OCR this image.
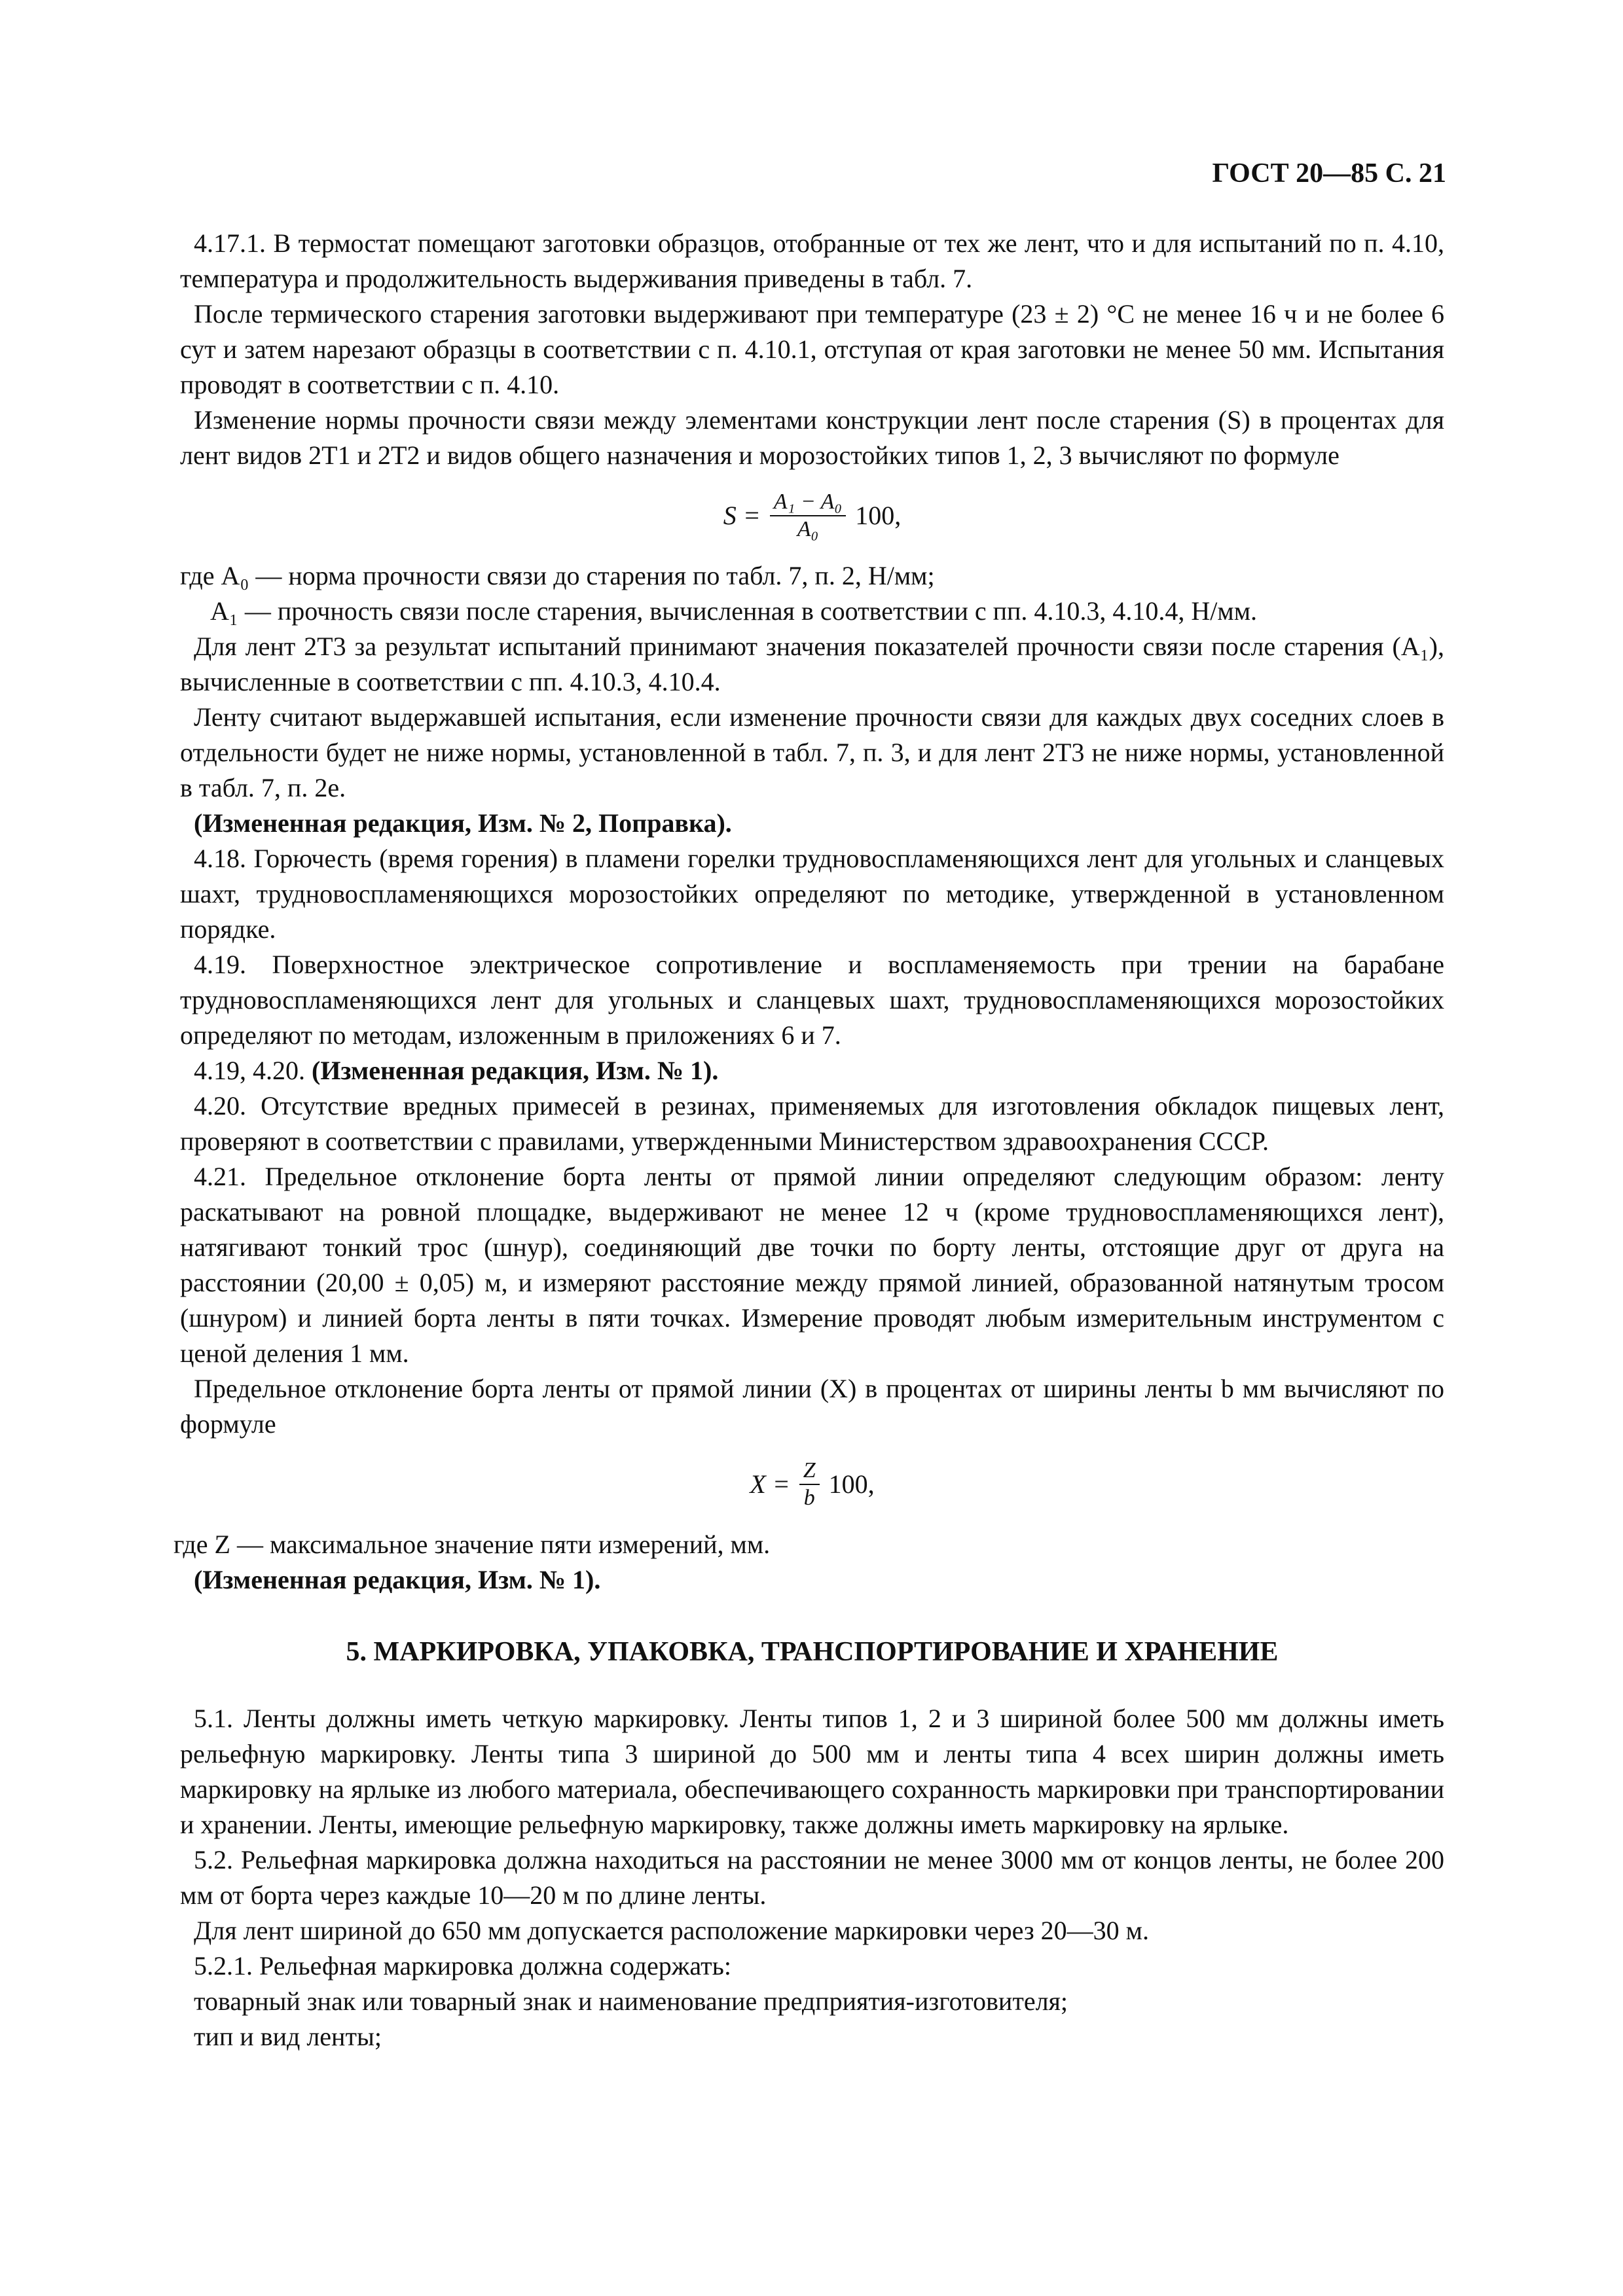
ГОСТ 20—85 С. 21

4.17.1. В термостат помещают заготовки образцов, отобранные от тех же лент, что и для испытаний по п. 4.10, температура и продолжительность выдерживания приведены в табл. 7.

После термического старения заготовки выдерживают при температуре (23 ± 2) °С не менее 16 ч и не более 6 сут и затем нарезают образцы в соответствии с п. 4.10.1, отступая от края заготовки не менее 50 мм. Испытания проводят в соответствии с п. 4.10.

Изменение нормы прочности связи между элементами конструкции лент после старения (S) в процентах для лент видов 2Т1 и 2Т2 и видов общего назначения и морозостойких типов 1, 2, 3 вычисляют по формуле

$S = \frac{\text{A₁ − A₀}}{\text{A₀}} 100$,

где A₀ — норма прочности связи до старения по табл. 7, п. 2, Н/мм;

A₁ — прочность связи после старения, вычисленная в соответствии с пп. 4.10.3, 4.10.4, Н/мм.

Для лент 2Т3 за результат испытаний принимают значения показателей прочности связи после старения (A₁), вычисленные в соответствии с пп. 4.10.3, 4.10.4.

Ленту считают выдержавшей испытания, если изменение прочности связи для каждых двух соседних слоев в отдельности будет не ниже нормы, установленной в табл. 7, п. 3, и для лент 2Т3 не ниже нормы, установленной в табл. 7, п. 2е.

(Измененная редакция, Изм. № 2, Поправка).

4.18. Горючесть (время горения) в пламени горелки трудновоспламеняющихся лент для угольных и сланцевых шахт, трудновоспламеняющихся морозостойких определяют по методике, утвержденной в установленном порядке.

4.19. Поверхностное электрическое сопротивление и воспламеняемость при трении на барабане трудновоспламеняющихся лент для угольных и сланцевых шахт, трудновоспламеняющихся морозостойких определяют по методам, изложенным в приложениях 6 и 7.

4.19, 4.20. (Измененная редакция, Изм. № 1).

4.20. Отсутствие вредных примесей в резинах, применяемых для изготовления обкладок пищевых лент, проверяют в соответствии с правилами, утвержденными Министерством здравоохранения СССР.

4.21. Предельное отклонение борта ленты от прямой линии определяют следующим образом: ленту раскатывают на ровной площадке, выдерживают не менее 12 ч (кроме трудновоспламеняющихся лент), натягивают тонкий трос (шнур), соединяющий две точки по борту ленты, отстоящие друг от друга на расстоянии (20,00 ± 0,05) м, и измеряют расстояние между прямой линией, образованной натянутым тросом (шнуром) и линией борта ленты в пяти точках. Измерение проводят любым измерительным инструментом с ценой деления 1 мм.

Предельное отклонение борта ленты от прямой линии (X) в процентах от ширины ленты b мм вычисляют по формуле

$X = \frac{Z}{b} 100$,

где Z — максимальное значение пяти измерений, мм.

(Измененная редакция, Изм. № 1).

5. МАРКИРОВКА, УПАКОВКА, ТРАНСПОРТИРОВАНИЕ И ХРАНЕНИЕ

5.1. Ленты должны иметь четкую маркировку. Ленты типов 1, 2 и 3 шириной более 500 мм должны иметь рельефную маркировку. Ленты типа 3 шириной до 500 мм и ленты типа 4 всех ширин должны иметь маркировку на ярлыке из любого материала, обеспечивающего сохранность маркировки при транспортировании и хранении. Ленты, имеющие рельефную маркировку, также должны иметь маркировку на ярлыке.

5.2. Рельефная маркировка должна находиться на расстоянии не менее 3000 мм от концов ленты, не более 200 мм от борта через каждые 10—20 м по длине ленты.

Для лент шириной до 650 мм допускается расположение маркировки через 20—30 м.

5.2.1. Рельефная маркировка должна содержать:

товарный знак или товарный знак и наименование предприятия-изготовителя;

тип и вид ленты;
